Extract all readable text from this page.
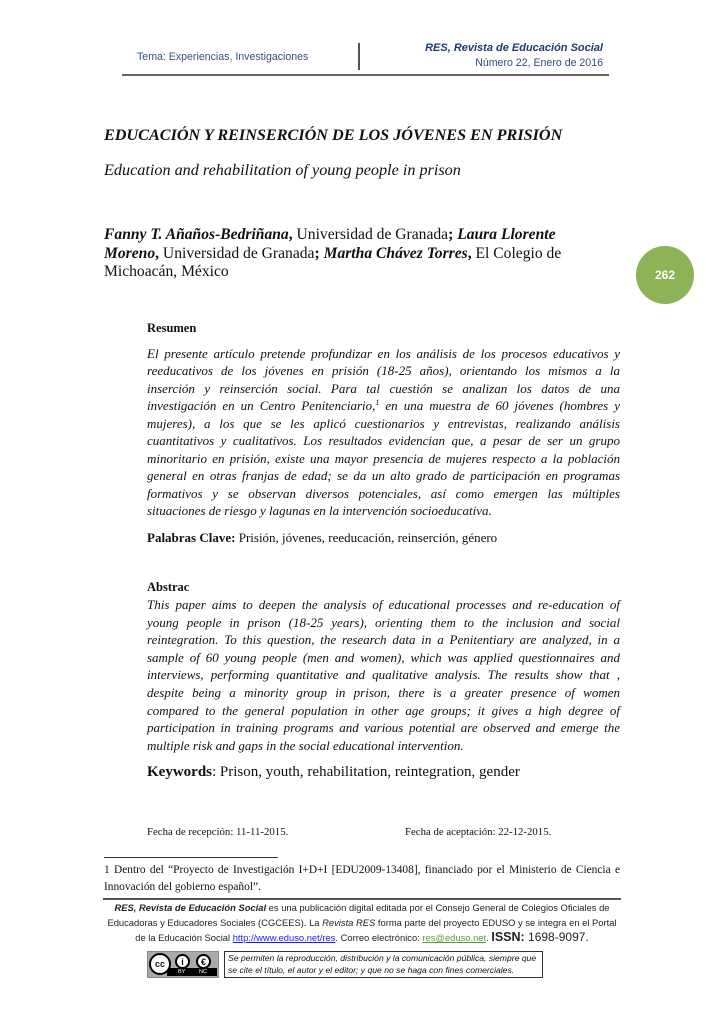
Tema: Experiencias, Investigaciones
RES, Revista de Educación Social
Número 22, Enero de 2016
EDUCACIÓN Y REINSERCIÓN DE LOS JÓVENES EN PRISIÓN
Education and rehabilitation of young people in prison
Fanny T. Añaños-Bedriñana, Universidad de Granada; Laura Llorente
Moreno, Universidad de Granada; Martha Chávez Torres, El Colegio de
Michoacán, México	262
Resumen
El presente artículo pretende profundizar en los análisis de los procesos educativos y
reeducativos de los jóvenes en prisión (18-25 años), orientando los mismos a la
inserción y reinserción social. Para tal cuestión se analizan los datos de una
investigación en un Centro Penitenciario,$^1$ en una muestra de 60 jóvenes (hombres y
mujeres), a los que se les aplicó cuestionarios y entrevistas, realizando análisis
cuantitativos y cualitativos. Los resultados evidencian que, a pesar de ser un grupo
minoritario en prisión, existe una mayor presencia de mujeres respecto a la población
general en otras franjas de edad; se da un alto grado de participación en programas
formativos y se observan diversos potenciales, así como emergen las múltiples
situaciones de riesgo y lagunas en la intervención socioeducativa.
Palabras Clave: Prisión, jóvenes, reeducación, reinserción, género
Abstrac
This paper aims to deepen the analysis of educational processes and re-education of
young people in prison (18-25 years), orienting them to the inclusion and social
reintegration. To this question, the research data in a Penitentiary are analyzed, in a
sample of 60 young people (men and women), which was applied questionnaires and
interviews, performing quantitative and qualitative analysis. The results show that ,
despite being a minority group in prison, there is a greater presence of women
compared to the general population in other age groups; it gives a high degree of
participation in training programs and various potential are observed and emerge the
multiple risk and gaps in the social educational intervention.
Keywords: Prison, youth, rehabilitation, reintegration, gender
Fecha de recepción: 11-11-2015.	Fecha de aceptación: 22-12-2015.
1 Dentro del “Proyecto de Investigación I+D+I [EDU2009-13408], financiado por el Ministerio de Ciencia e
Innovación del gobierno español”.
RES, Revista de Educación Social es una publicación digital editada por el Consejo General de Colegios Oficiales de
Educadoras y Educadores Sociales (CGCEES). La Revista RES forma parte del proyecto EDUSO y se integra en el Portal
de la Educación Social http://www.eduso.net/res. Correo electrónico: res@eduso.net. ISSN: 1698-9097.
cc	i	€
BY NC
Se permiten la reproducción, distribución y la comunicación pública, siempre que
se cite el título, el autor y el editor; y que no se haga con fines comerciales.
